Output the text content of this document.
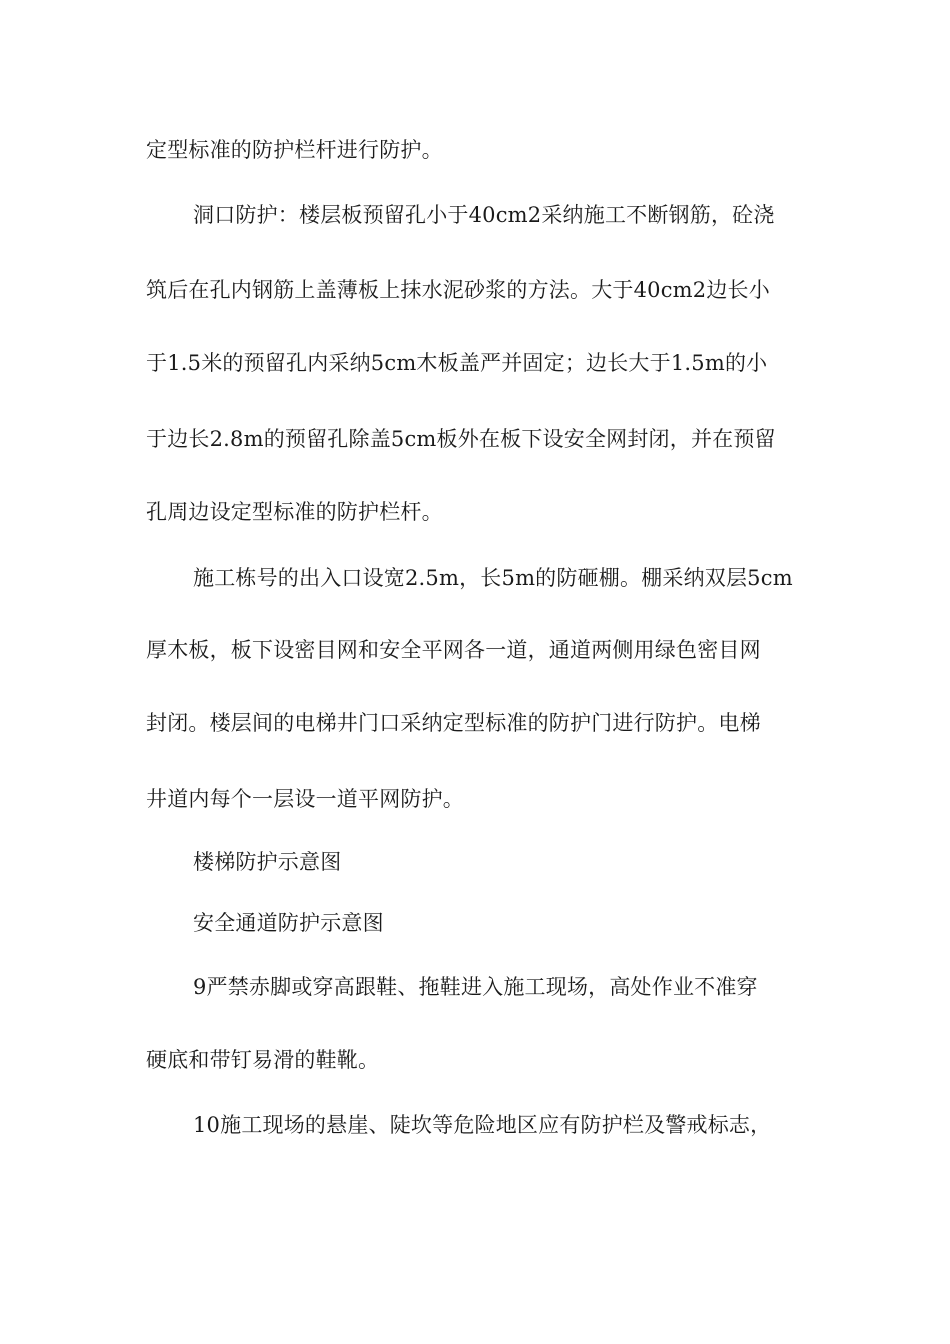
定型标准的防护栏杆进行防护。
洞口防护：楼层板预留孔小于40cm2采纳施工不断钢筋，砼浇
筑后在孔内钢筋上盖薄板上抹水泥砂浆的方法。大于40cm2边长小
于1.5米的预留孔内采纳5cm木板盖严并固定；边长大于1.5m的小
于边长2.8m的预留孔除盖5cm板外在板下设安全网封闭，并在预留
孔周边设定型标准的防护栏杆。
施工栋号的出入口设宽2.5m，长5m的防砸棚。棚采纳双层5cm
厚木板，板下设密目网和安全平网各一道，通道两侧用绿色密目网
封闭。楼层间的电梯井门口采纳定型标准的防护门进行防护。电梯
井道内每个一层设一道平网防护。
楼梯防护示意图
安全通道防护示意图
9严禁赤脚或穿高跟鞋、拖鞋进入施工现场，高处作业不准穿
硬底和带钉易滑的鞋靴。
10施工现场的悬崖、陡坎等危险地区应有防护栏及警戒标志，
